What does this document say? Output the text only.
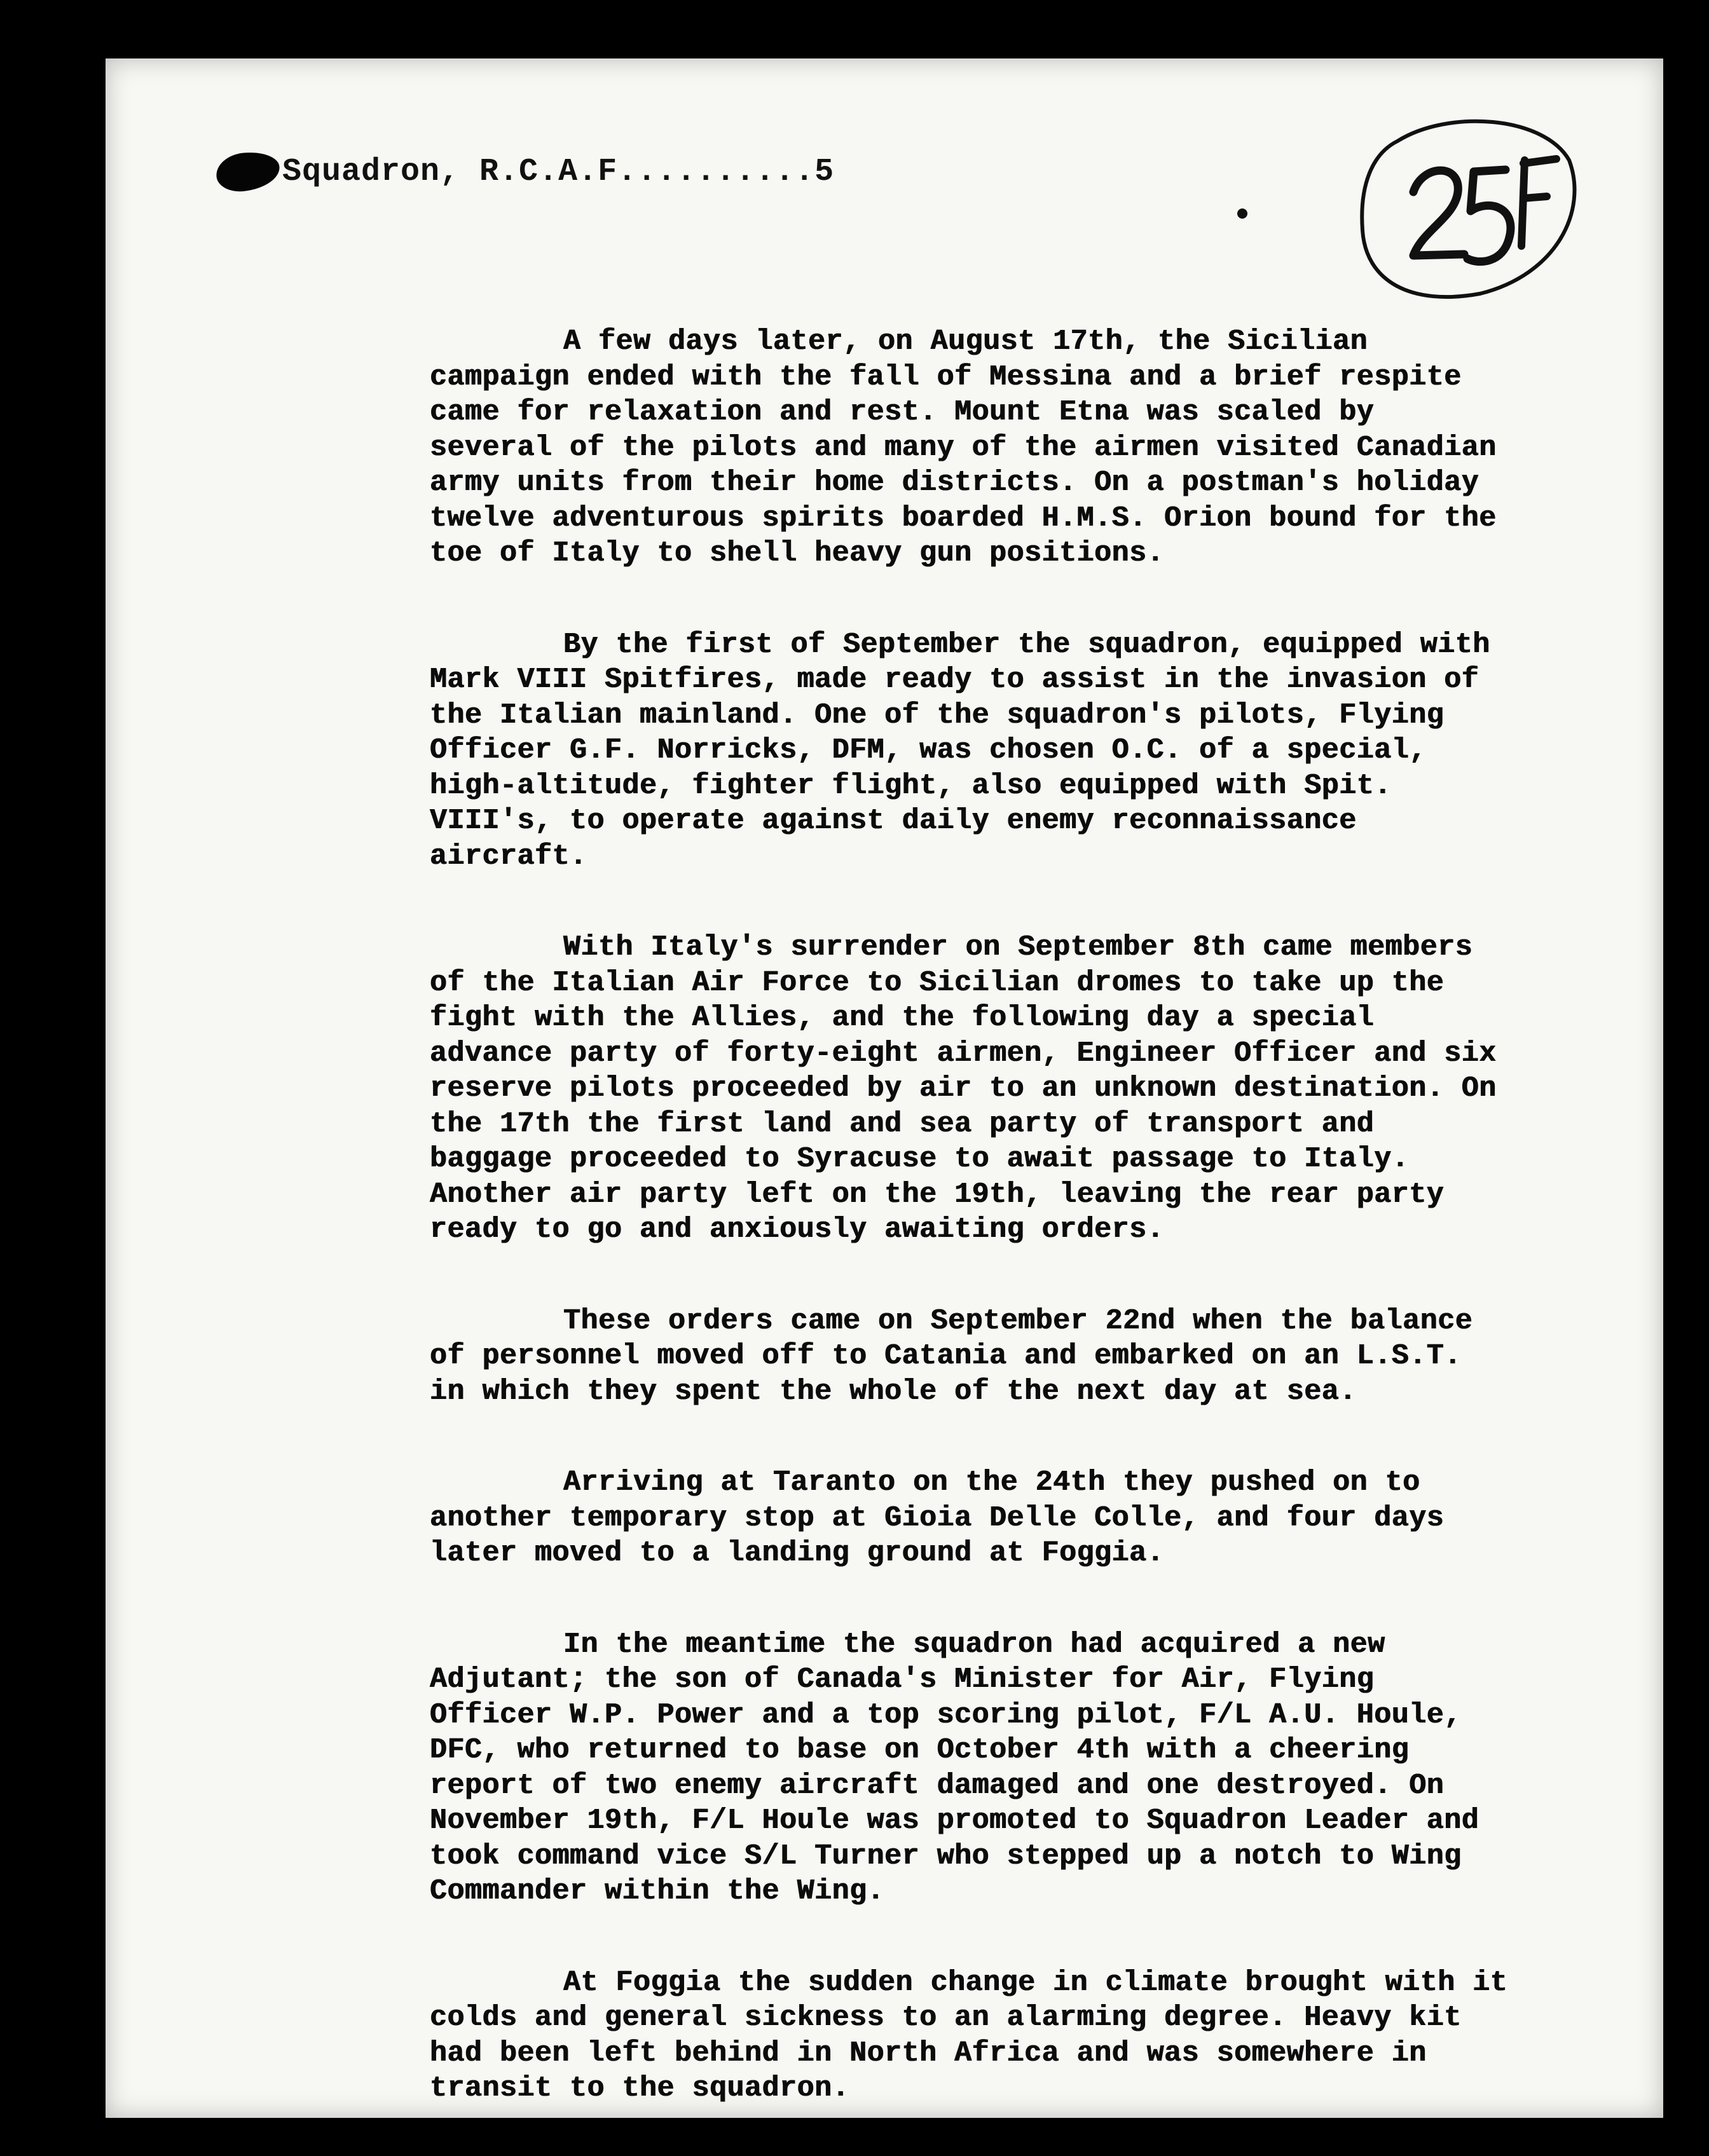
Squadron, R.C.A.F..........5

A few days later, on August 17th, the Sicilian campaign ended with the fall of Messina and a brief respite came for relaxation and rest. Mount Etna was scaled by several of the pilots and many of the airmen visited Canadian army units from their home districts. On a postman's holiday twelve adventurous spirits boarded H.M.S. Orion bound for the toe of Italy to shell heavy gun positions.

By the first of September the squadron, equipped with Mark VIII Spitfires, made ready to assist in the invasion of the Italian mainland. One of the squadron's pilots, Flying Officer G.F. Norricks, DFM, was chosen O.C. of a special, high-altitude, fighter flight, also equipped with Spit. VIII's, to operate against daily enemy reconnaissance aircraft.

With Italy's surrender on September 8th came members of the Italian Air Force to Sicilian dromes to take up the fight with the Allies, and the following day a special advance party of forty-eight airmen, Engineer Officer and six reserve pilots proceeded by air to an unknown destination. On the 17th the first land and sea party of transport and baggage proceeded to Syracuse to await passage to Italy. Another air party left on the 19th, leaving the rear party ready to go and anxiously awaiting orders.

These orders came on September 22nd when the balance of personnel moved off to Catania and embarked on an L.S.T. in which they spent the whole of the next day at sea.

Arriving at Taranto on the 24th they pushed on to another temporary stop at Gioia Delle Colle, and four days later moved to a landing ground at Foggia.

In the meantime the squadron had acquired a new Adjutant; the son of Canada's Minister for Air, Flying Officer W.P. Power and a top scoring pilot, F/L A.U. Houle, DFC, who returned to base on October 4th with a cheering report of two enemy aircraft damaged and one destroyed. On November 19th, F/L Houle was promoted to Squadron Leader and took command vice S/L Turner who stepped up a notch to Wing Commander within the Wing.

At Foggia the sudden change in climate brought with it colds and general sickness to an alarming degree. Heavy kit had been left behind in North Africa and was somewhere in transit to the squadron.
